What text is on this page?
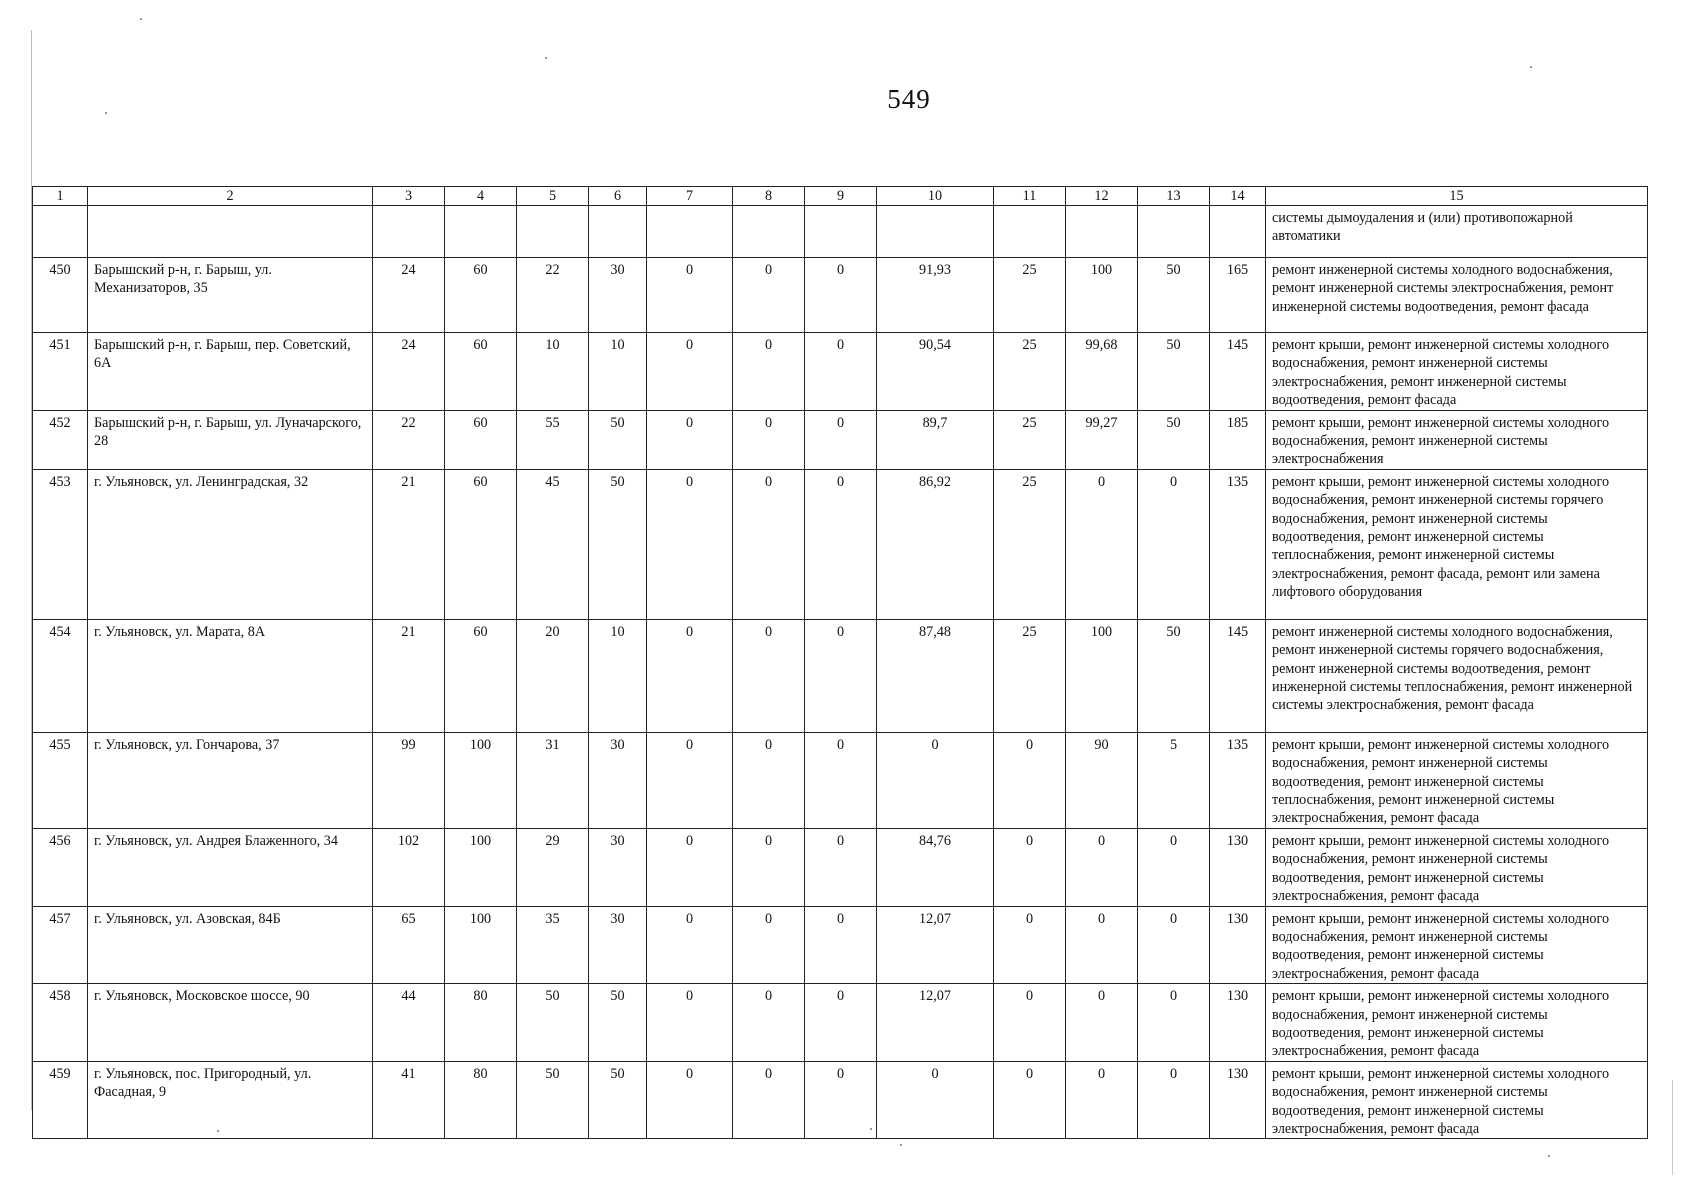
549
1	2	3	4	5	6	7	8	9	10	11	12	13	14	15
														системы дымоудаления и (или) противопожарной автоматики
450	Барышский р-н, г. Барыш, ул. Механизаторов, 35	24	60	22	30	0	0	0	91,93	25	100	50	165	ремонт инженерной системы холодного водоснабжения, ремонт инженерной системы электроснабжения, ремонт инженерной системы водоотведения, ремонт фасада
451	Барышский р-н, г. Барыш, пер. Советский, 6А	24	60	10	10	0	0	0	90,54	25	99,68	50	145	ремонт крыши, ремонт инженерной системы холодного водоснабжения, ремонт инженерной системы электроснабжения, ремонт инженерной системы водоотведения, ремонт фасада
452	Барышский р-н, г. Барыш, ул. Луначарского, 28	22	60	55	50	0	0	0	89,7	25	99,27	50	185	ремонт крыши, ремонт инженерной системы холодного водоснабжения, ремонт инженерной системы электроснабжения
453	г. Ульяновск, ул. Ленинградская, 32	21	60	45	50	0	0	0	86,92	25	0	0	135	ремонт крыши, ремонт инженерной системы холодного водоснабжения, ремонт инженерной системы горячего водоснабжения, ремонт инженерной системы водоотведения, ремонт инженерной системы теплоснабжения, ремонт инженерной системы электроснабжения, ремонт фасада, ремонт или замена лифтового оборудования
454	г. Ульяновск, ул. Марата, 8А	21	60	20	10	0	0	0	87,48	25	100	50	145	ремонт инженерной системы холодного водоснабжения, ремонт инженерной системы горячего водоснабжения, ремонт инженерной системы водоотведения, ремонт инженерной системы теплоснабжения, ремонт инженерной системы электроснабжения, ремонт фасада
455	г. Ульяновск, ул. Гончарова, 37	99	100	31	30	0	0	0	0	0	90	5	135	ремонт крыши, ремонт инженерной системы холодного водоснабжения, ремонт инженерной системы водоотведения, ремонт инженерной системы теплоснабжения, ремонт инженерной системы электроснабжения, ремонт фасада
456	г. Ульяновск, ул. Андрея Блаженного, 34	102	100	29	30	0	0	0	84,76	0	0	0	130	ремонт крыши, ремонт инженерной системы холодного водоснабжения, ремонт инженерной системы водоотведения, ремонт инженерной системы электроснабжения, ремонт фасада
457	г. Ульяновск, ул. Азовская, 84Б	65	100	35	30	0	0	0	12,07	0	0	0	130	ремонт крыши, ремонт инженерной системы холодного водоснабжения, ремонт инженерной системы водоотведения, ремонт инженерной системы электроснабжения, ремонт фасада
458	г. Ульяновск, Московское шоссе, 90	44	80	50	50	0	0	0	12,07	0	0	0	130	ремонт крыши, ремонт инженерной системы холодного водоснабжения, ремонт инженерной системы водоотведения, ремонт инженерной системы электроснабжения, ремонт фасада
459	г. Ульяновск, пос. Пригородный, ул. Фасадная, 9	41	80	50	50	0	0	0	0	0	0	0	130	ремонт крыши, ремонт инженерной системы холодного водоснабжения, ремонт инженерной системы водоотведения, ремонт инженерной системы электроснабжения, ремонт фасада
